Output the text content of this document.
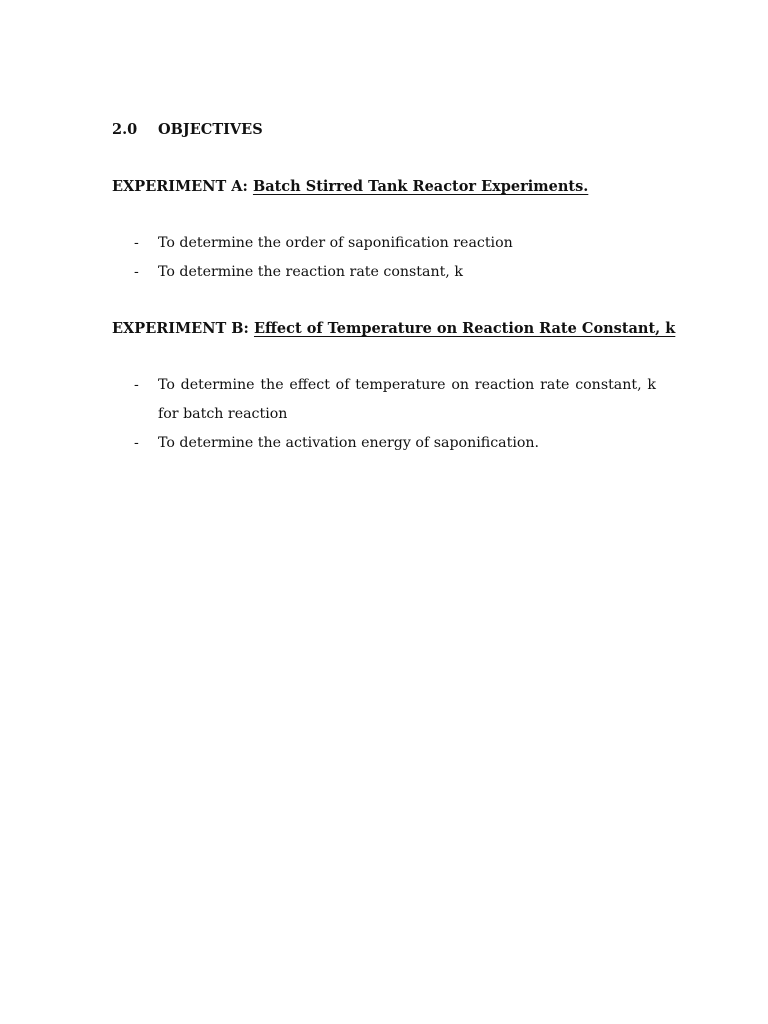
2.0 OBJECTIVES
EXPERIMENT A: Batch Stirred Tank Reactor Experiments.
- To determine the order of saponification reaction
- To determine the reaction rate constant, k
EXPERIMENT B: Effect of Temperature on Reaction Rate Constant, k
- To determine the effect of temperature on reaction rate constant, k for batch reaction
- To determine the activation energy of saponification.
